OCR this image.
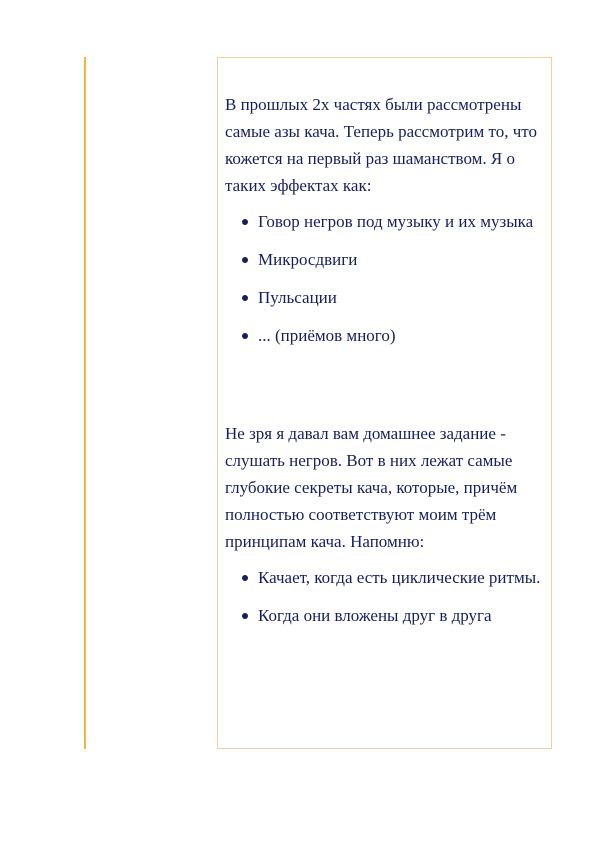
В прошлых 2х частях были рассмотрены самые азы кача. Теперь рассмотрим то, что кожется на первый раз шаманством. Я о таких эффектах как:

Говор негров под музыку и их музыка
Микросдвиги
Пульсации
... (приёмов много)

Не зря я давал вам домашнее задание - слушать негров. Вот в них лежат самые глубокие секреты кача, которые, причём полностью соответствуют моим трём принципам кача. Напомню:

Качает, когда есть циклические ритмы.
Когда они вложены друг в друга
